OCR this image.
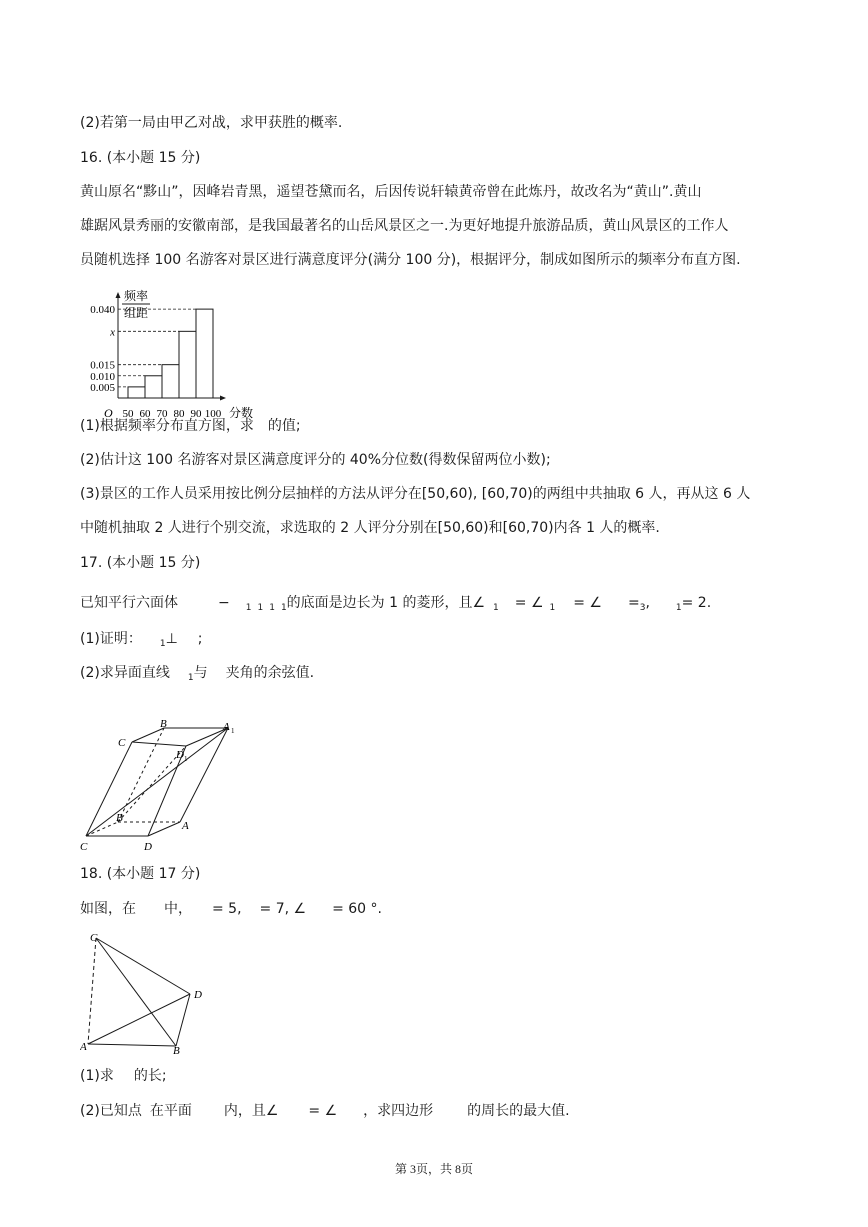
(2)若第一局由甲乙对战，求甲获胜的概率.
16. (本小题 15 分)
黄山原名“黟山”，因峰岩青黑，遥望苍黛而名，后因传说轩辕黄帝曾在此炼丹，故改名为“黄山”.黄山
雄踞风景秀丽的安徽南部，是我国最著名的山岳风景区之一.为更好地提升旅游品质，黄山风景区的工作人
员随机选择 100 名游客对景区进行满意度评分(满分 100 分)，根据评分，制成如图所示的频率分布直方图.
频率
组距
O	分数
0.005
0.010
0.015
x
0.040
50 60 70 80 90 100
(1)根据频率分布直方图，求 的值;
(2)估计这 100 名游客对景区满意度评分的 40%分位数(得数保留两位小数);
(3)景区的工作人员采用按比例分层抽样的方法从评分在[50,60), [60,70)的两组中共抽取 6 人，再从这 6 人
中随机抽取 2 人进行个别交流，求选取的 2 人评分分别在[50,60)和[60,70)内各 1 人的概率.
17. (本小题 15 分)
已知平行六面体	− $_1$ $_1$ $_1$ $_1$的底面是边长为 1 的菱形，且∠ $_1$ = ∠ $_1$ = ∠ $=_3$,	$_1$= 2.
(1)证明： $_1$⊥ ;
(2)求异面直线 $_1$与 夹角的余弦值.
B	A 1
C
D 1
B
A
C	D
18. (本小题 17 分)
如图，在 中， = 5, = 7, ∠ = 60 °.
C
D
A	B
(1)求 的长;
(2)已知点 在平面 内，且∠ = ∠ ，求四边形 的周长的最大值.
第 3页，共 8页
